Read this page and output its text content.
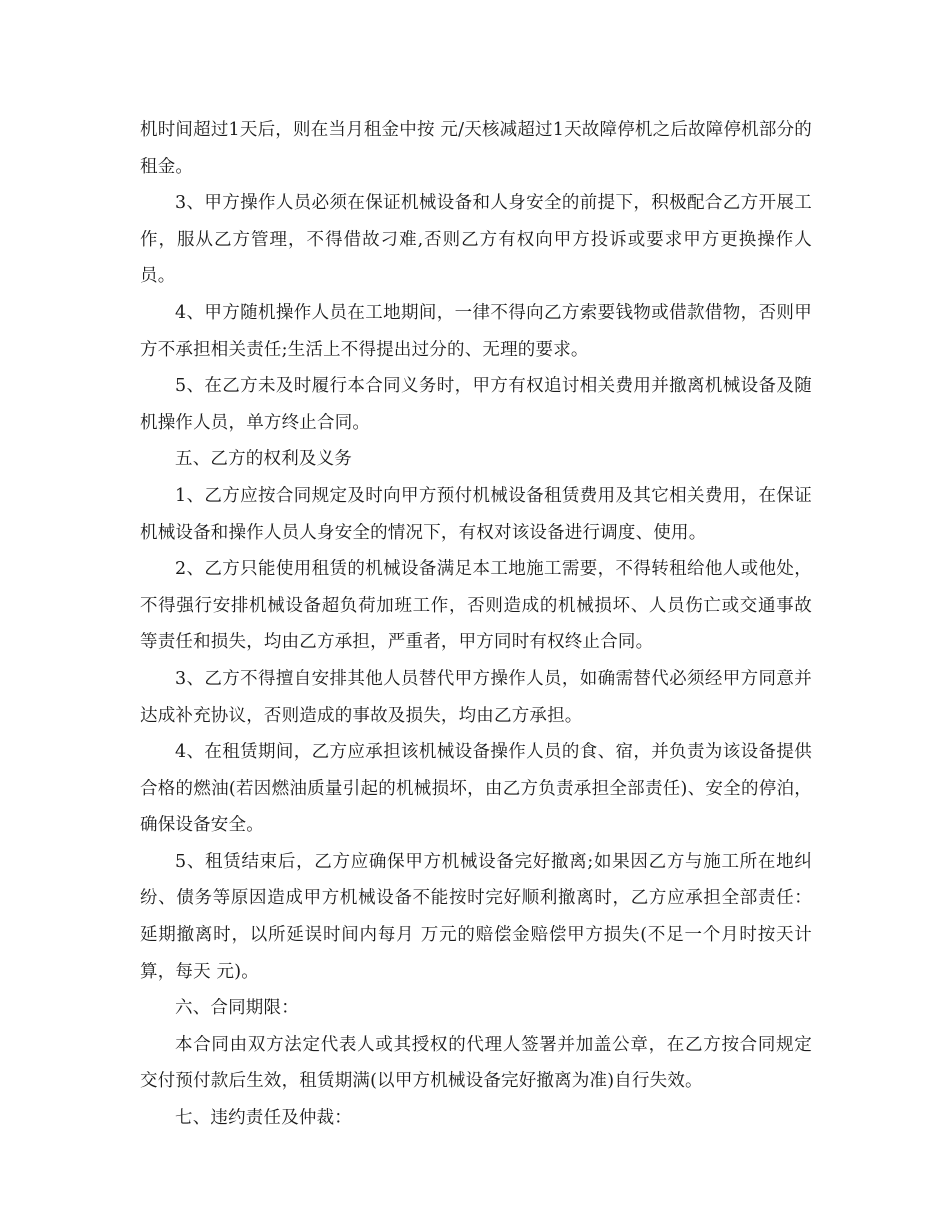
机时间超过1天后，则在当月租金中按 元/天核减超过1天故障停机之后故障停机部分的租金。

3、甲方操作人员必须在保证机械设备和人身安全的前提下，积极配合乙方开展工作，服从乙方管理，不得借故刁难,否则乙方有权向甲方投诉或要求甲方更换操作人员。

4、甲方随机操作人员在工地期间，一律不得向乙方索要钱物或借款借物，否则甲方不承担相关责任;生活上不得提出过分的、无理的要求。

5、在乙方未及时履行本合同义务时，甲方有权追讨相关费用并撤离机械设备及随机操作人员，单方终止合同。

五、乙方的权利及义务

1、乙方应按合同规定及时向甲方预付机械设备租赁费用及其它相关费用，在保证机械设备和操作人员人身安全的情况下，有权对该设备进行调度、使用。

2、乙方只能使用租赁的机械设备满足本工地施工需要，不得转租给他人或他处，不得强行安排机械设备超负荷加班工作，否则造成的机械损坏、人员伤亡或交通事故等责任和损失，均由乙方承担，严重者，甲方同时有权终止合同。

3、乙方不得擅自安排其他人员替代甲方操作人员，如确需替代必须经甲方同意并达成补充协议，否则造成的事故及损失，均由乙方承担。

4、在租赁期间，乙方应承担该机械设备操作人员的食、宿，并负责为该设备提供合格的燃油(若因燃油质量引起的机械损坏，由乙方负责承担全部责任)、安全的停泊，确保设备安全。

5、租赁结束后，乙方应确保甲方机械设备完好撤离;如果因乙方与施工所在地纠纷、债务等原因造成甲方机械设备不能按时完好顺利撤离时，乙方应承担全部责任：延期撤离时，以所延误时间内每月 万元的赔偿金赔偿甲方损失(不足一个月时按天计算，每天 元)。

六、合同期限：

本合同由双方法定代表人或其授权的代理人签署并加盖公章，在乙方按合同规定交付预付款后生效，租赁期满(以甲方机械设备完好撤离为准)自行失效。

七、违约责任及仲裁：
